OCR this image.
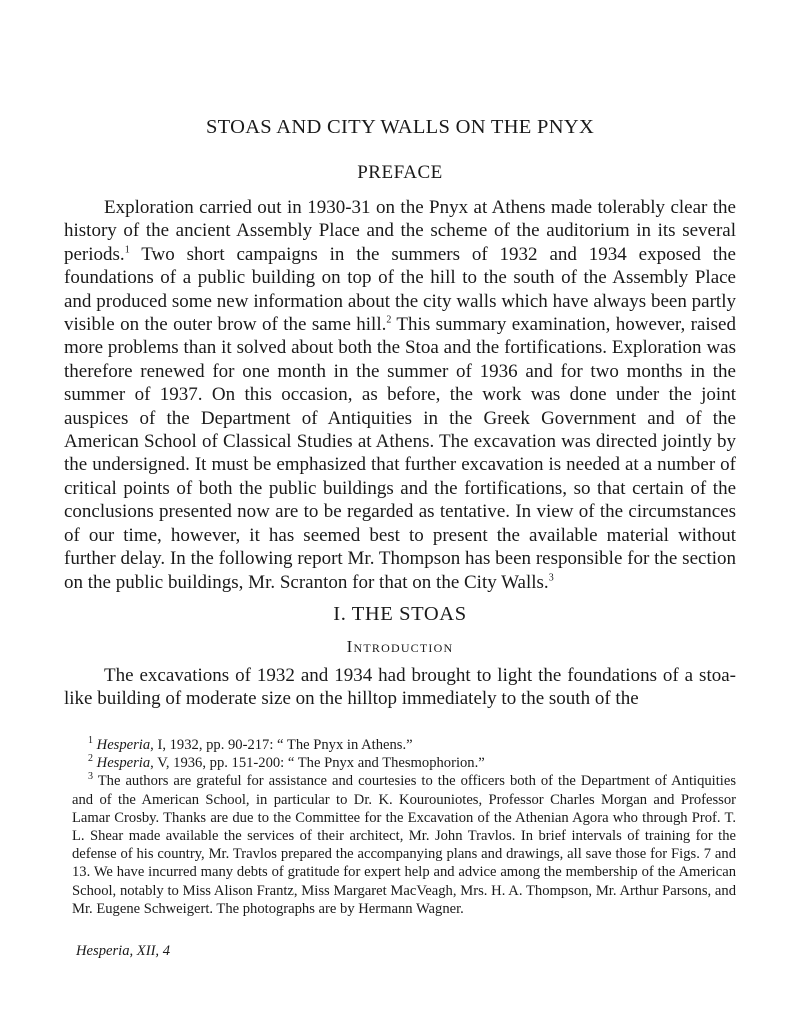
STOAS AND CITY WALLS ON THE PNYX
PREFACE

Exploration carried out in 1930-31 on the Pnyx at Athens made tolerably clear the history of the ancient Assembly Place and the scheme of the auditorium in its several periods.$^1$ Two short campaigns in the summers of 1932 and 1934 exposed the foundations of a public building on top of the hill to the south of the Assembly Place and produced some new information about the city walls which have always been partly visible on the outer brow of the same hill.$^2$ This summary examination, however, raised more problems than it solved about both the Stoa and the fortifications. Exploration was therefore renewed for one month in the summer of 1936 and for two months in the summer of 1937. On this occasion, as before, the work was done under the joint auspices of the Department of Antiquities in the Greek Government and of the American School of Classical Studies at Athens. The excavation was directed jointly by the undersigned. It must be emphasized that further excavation is needed at a number of critical points of both the public buildings and the fortifications, so that certain of the conclusions presented now are to be regarded as tentative. In view of the circumstances of our time, however, it has seemed best to present the available material without further delay. In the following report Mr. Thompson has been responsible for the section on the public buildings, Mr. Scranton for that on the City Walls.$^3$

I. THE STOAS
Introduction

The excavations of 1932 and 1934 had brought to light the foundations of a stoa-like building of moderate size on the hilltop immediately to the south of the

$^1$ Hesperia, I, 1932, pp. 90-217: “ The Pnyx in Athens.”

$^2$ Hesperia, V, 1936, pp. 151-200: “ The Pnyx and Thesmophorion.”

$^3$ The authors are grateful for assistance and courtesies to the officers both of the Department of Antiquities and of the American School, in particular to Dr. K. Kourouniotes, Professor Charles Morgan and Professor Lamar Crosby. Thanks are due to the Committee for the Excavation of the Athenian Agora who through Prof. T. L. Shear made available the services of their architect, Mr. John Travlos. In brief intervals of training for the defense of his country, Mr. Travlos prepared the accompanying plans and drawings, all save those for Figs. 7 and 13. We have incurred many debts of gratitude for expert help and advice among the membership of the American School, notably to Miss Alison Frantz, Miss Margaret MacVeagh, Mrs. H. A. Thompson, Mr. Arthur Parsons, and Mr. Eugene Schweigert. The photographs are by Hermann Wagner.

Hesperia, XII, 4
